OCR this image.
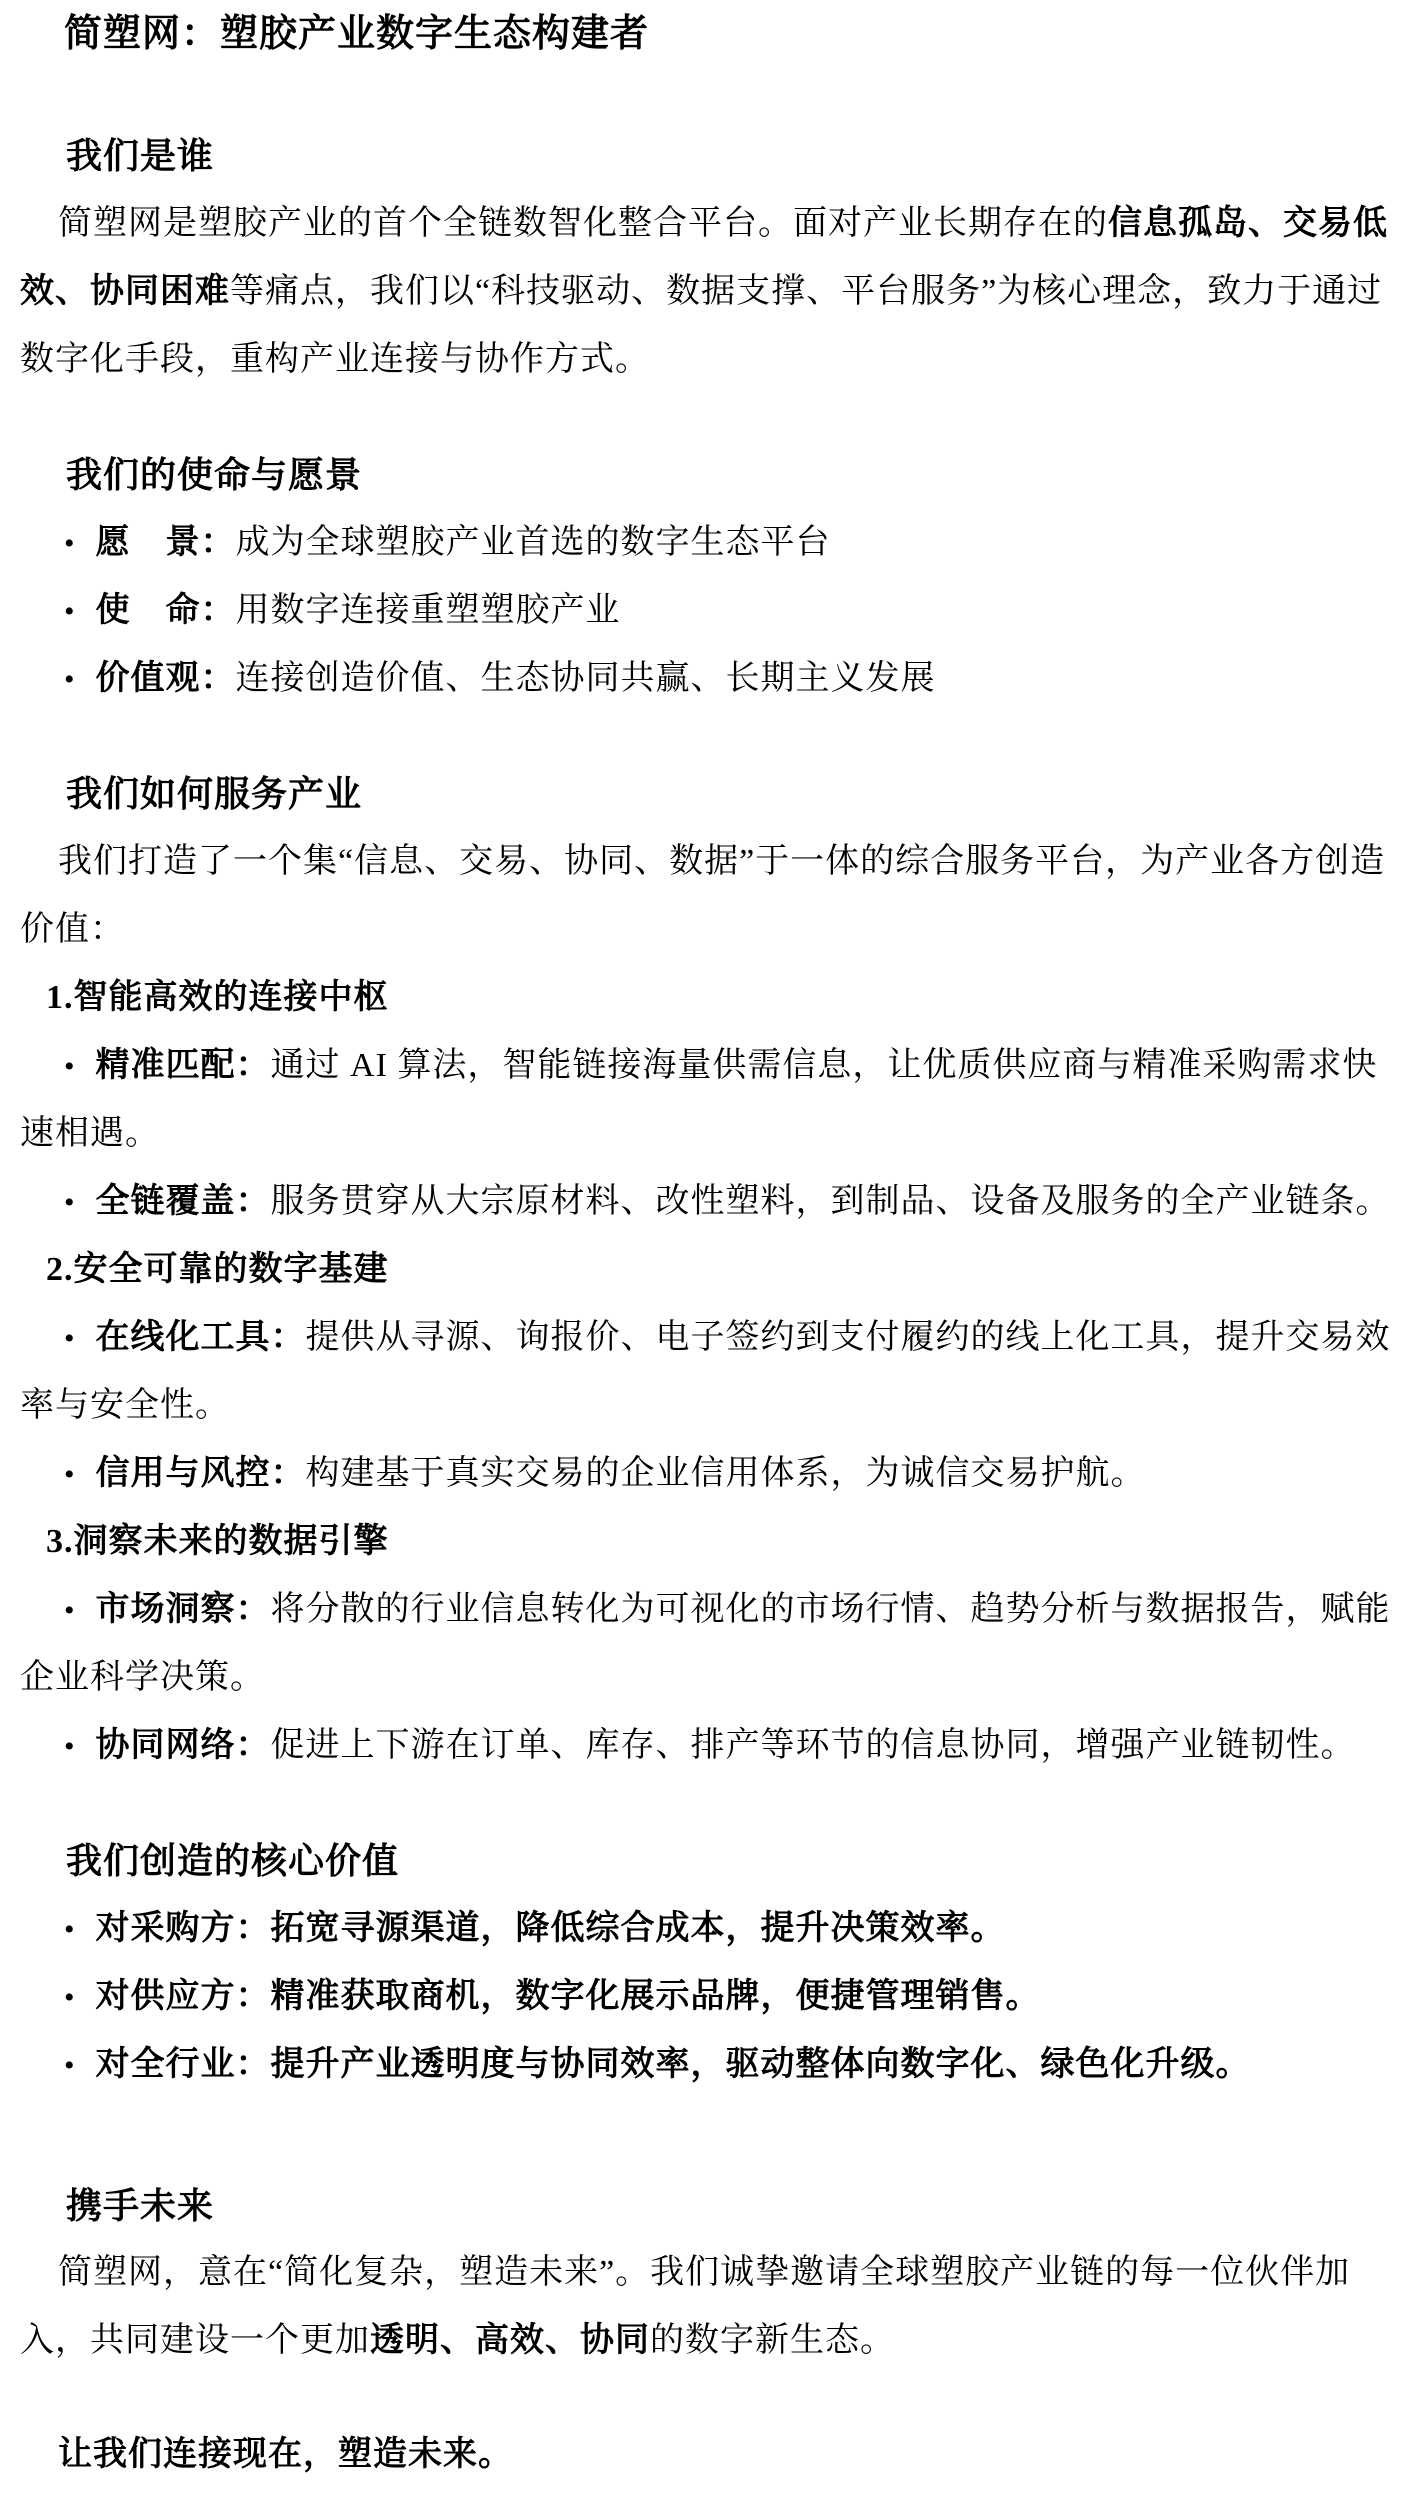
简塑网：塑胶产业数字生态构建者
我们是谁

简塑网是塑胶产业的首个全链数智化整合平台。面对产业长期存在的信息孤岛、交易低效、协同困难等痛点，我们以“科技驱动、数据支撑、平台服务”为核心理念，致力于通过数字化手段，重构产业连接与协作方式。

我们的使命与愿景

• 愿　景：成为全球塑胶产业首选的数字生态平台

• 使　命：用数字连接重塑塑胶产业

• 价值观：连接创造价值、生态协同共赢、长期主义发展

我们如何服务产业

我们打造了一个集“信息、交易、协同、数据”于一体的综合服务平台，为产业各方创造价值：

1.智能高效的连接中枢

• 精准匹配：通过 AI 算法，智能链接海量供需信息，让优质供应商与精准采购需求快速相遇。

• 全链覆盖：服务贯穿从大宗原材料、改性塑料，到制品、设备及服务的全产业链条。

2.安全可靠的数字基建

• 在线化工具：提供从寻源、询报价、电子签约到支付履约的线上化工具，提升交易效率与安全性。

• 信用与风控：构建基于真实交易的企业信用体系，为诚信交易护航。

3.洞察未来的数据引擎

• 市场洞察：将分散的行业信息转化为可视化的市场行情、趋势分析与数据报告，赋能企业科学决策。

• 协同网络：促进上下游在订单、库存、排产等环节的信息协同，增强产业链韧性。

我们创造的核心价值

• 对采购方：拓宽寻源渠道，降低综合成本，提升决策效率。

• 对供应方：精准获取商机，数字化展示品牌，便捷管理销售。

• 对全行业：提升产业透明度与协同效率，驱动整体向数字化、绿色化升级。

携手未来

简塑网，意在“简化复杂，塑造未来”。我们诚挚邀请全球塑胶产业链的每一位伙伴加入，共同建设一个更加透明、高效、协同的数字新生态。

让我们连接现在，塑造未来。
